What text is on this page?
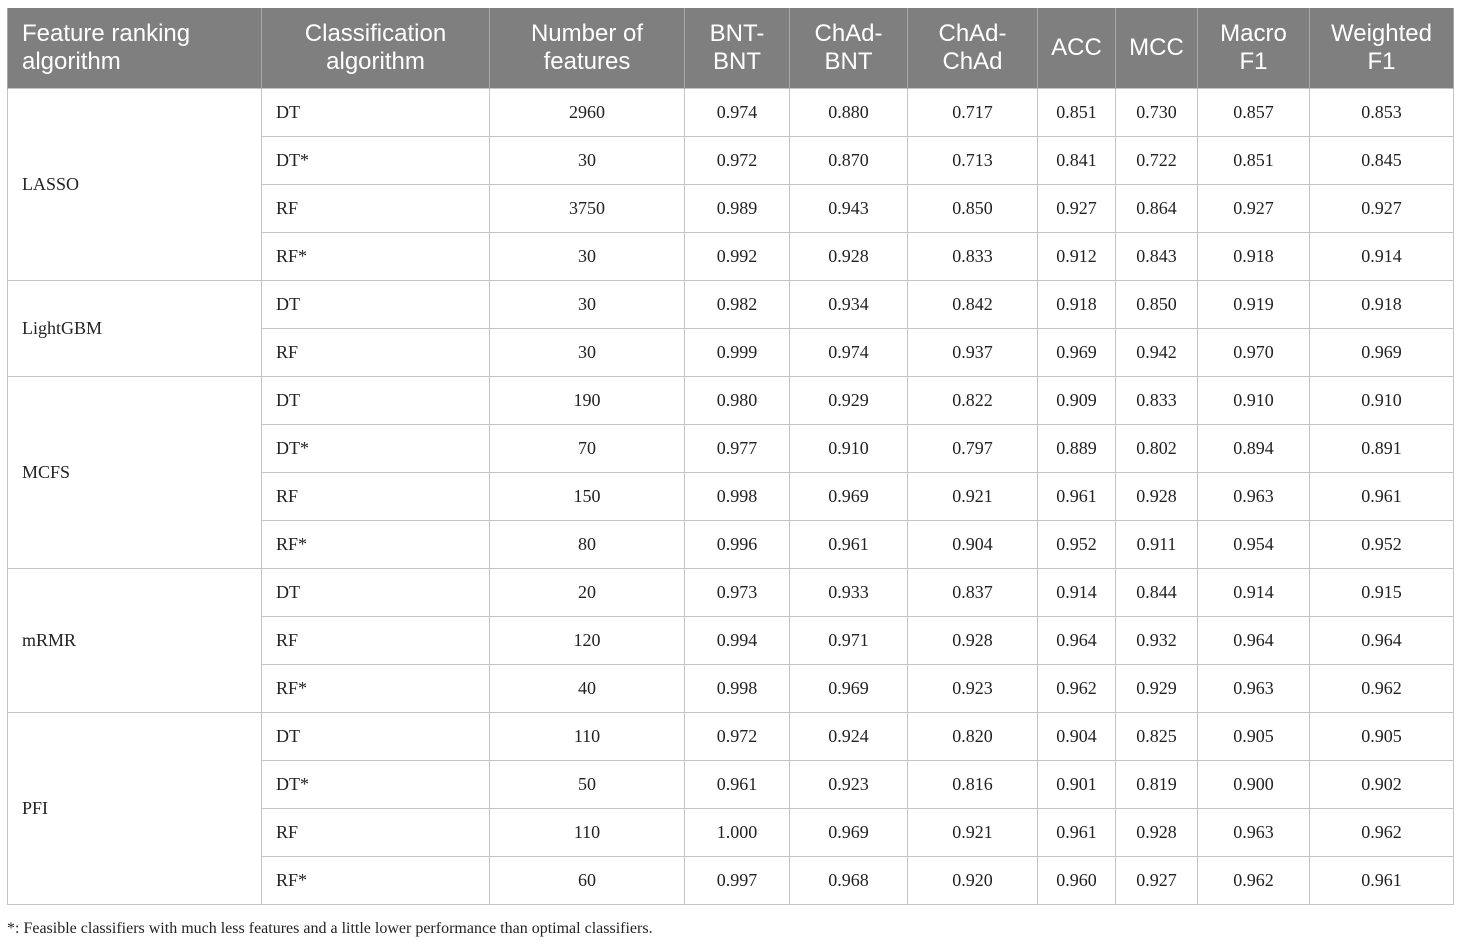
Feature ranking algorithm	Classification algorithm	Number of features	BNT-BNT	ChAd-BNT	ChAd-ChAd	ACC	MCC	Macro F1	Weighted F1
LASSO	DT	2960	0.974	0.880	0.717	0.851	0.730	0.857	0.853
	DT*	30	0.972	0.870	0.713	0.841	0.722	0.851	0.845
	RF	3750	0.989	0.943	0.850	0.927	0.864	0.927	0.927
	RF*	30	0.992	0.928	0.833	0.912	0.843	0.918	0.914
LightGBM	DT	30	0.982	0.934	0.842	0.918	0.850	0.919	0.918
	RF	30	0.999	0.974	0.937	0.969	0.942	0.970	0.969
MCFS	DT	190	0.980	0.929	0.822	0.909	0.833	0.910	0.910
	DT*	70	0.977	0.910	0.797	0.889	0.802	0.894	0.891
	RF	150	0.998	0.969	0.921	0.961	0.928	0.963	0.961
	RF*	80	0.996	0.961	0.904	0.952	0.911	0.954	0.952
mRMR	DT	20	0.973	0.933	0.837	0.914	0.844	0.914	0.915
	RF	120	0.994	0.971	0.928	0.964	0.932	0.964	0.964
	RF*	40	0.998	0.969	0.923	0.962	0.929	0.963	0.962
PFI	DT	110	0.972	0.924	0.820	0.904	0.825	0.905	0.905
	DT*	50	0.961	0.923	0.816	0.901	0.819	0.900	0.902
	RF	110	1.000	0.969	0.921	0.961	0.928	0.963	0.962
	RF*	60	0.997	0.968	0.920	0.960	0.927	0.962	0.961
*: Feasible classifiers with much less features and a little lower performance than optimal classifiers.
